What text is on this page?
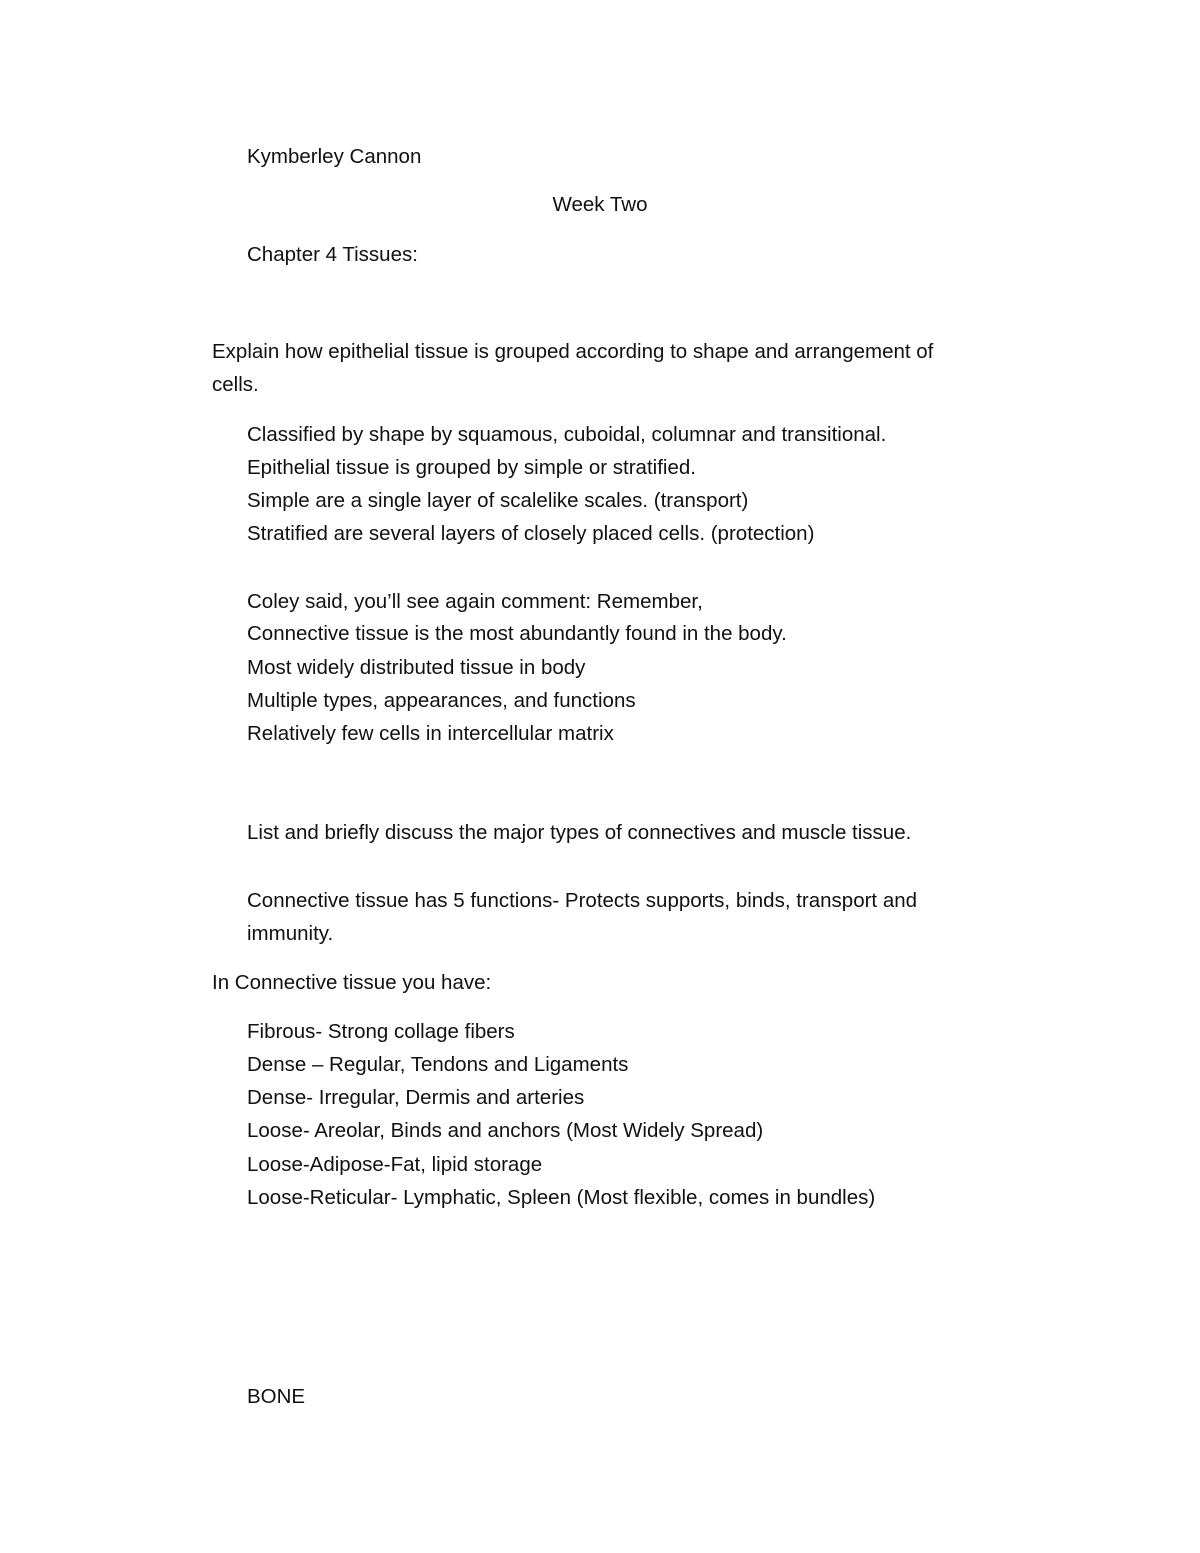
Kymberley Cannon
Week Two
Chapter 4 Tissues:
Explain how epithelial tissue is grouped according to shape and arrangement of
cells.
Classified by shape by squamous, cuboidal, columnar and transitional.
Epithelial tissue is grouped by simple or stratified.
Simple are a single layer of scalelike scales. (transport)
Stratified are several layers of closely placed cells. (protection)
Coley said, you’ll see again comment: Remember,
Connective tissue is the most abundantly found in the body.
Most widely distributed tissue in body
Multiple types, appearances, and functions
Relatively few cells in intercellular matrix
List and briefly discuss the major types of connectives and muscle tissue.
Connective tissue has 5 functions- Protects supports, binds, transport and
immunity.
In Connective tissue you have:
Fibrous- Strong collage fibers
Dense – Regular, Tendons and Ligaments
Dense- Irregular, Dermis and arteries
Loose- Areolar, Binds and anchors (Most Widely Spread)
Loose-Adipose-Fat, lipid storage
Loose-Reticular- Lymphatic, Spleen (Most flexible, comes in bundles)
BONE
